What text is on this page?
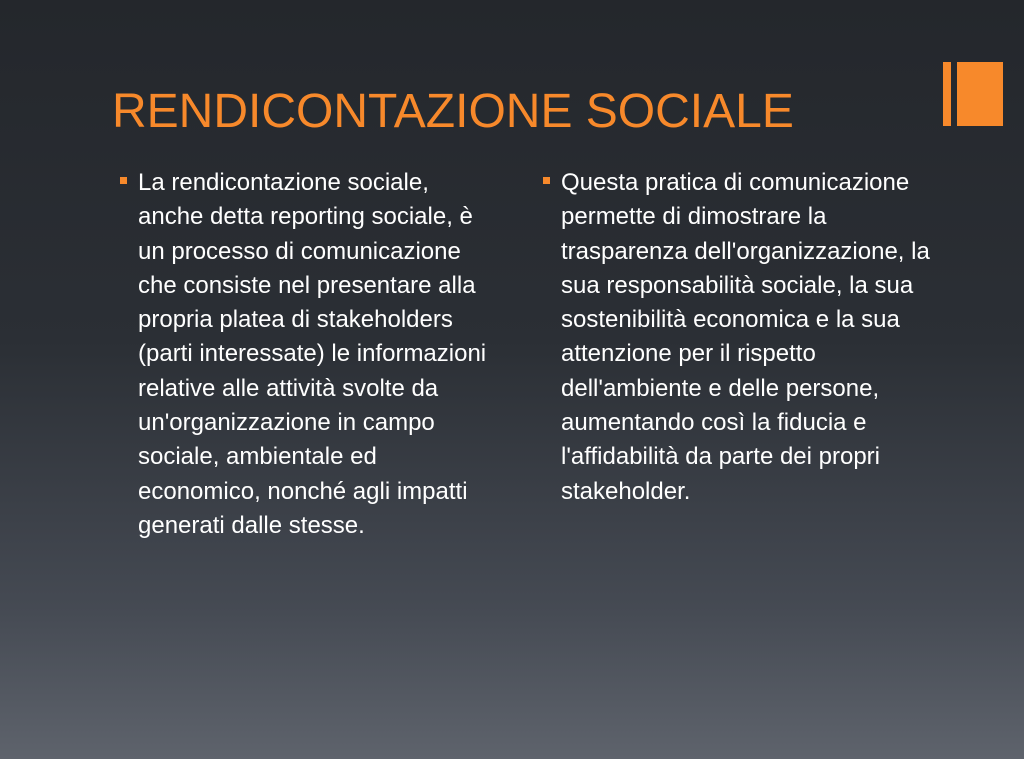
RENDICONTAZIONE SOCIALE
La rendicontazione sociale, anche detta reporting sociale, è un processo di comunicazione che consiste nel presentare alla propria platea di stakeholders (parti interessate) le informazioni relative alle attività svolte da un'organizzazione in campo sociale, ambientale ed economico, nonché agli impatti generati dalle stesse.
Questa pratica di comunicazione permette di dimostrare la trasparenza dell'organizzazione, la sua responsabilità sociale, la sua sostenibilità economica e la sua attenzione per il rispetto dell'ambiente e delle persone, aumentando così la fiducia e l'affidabilità da parte dei propri stakeholder.
